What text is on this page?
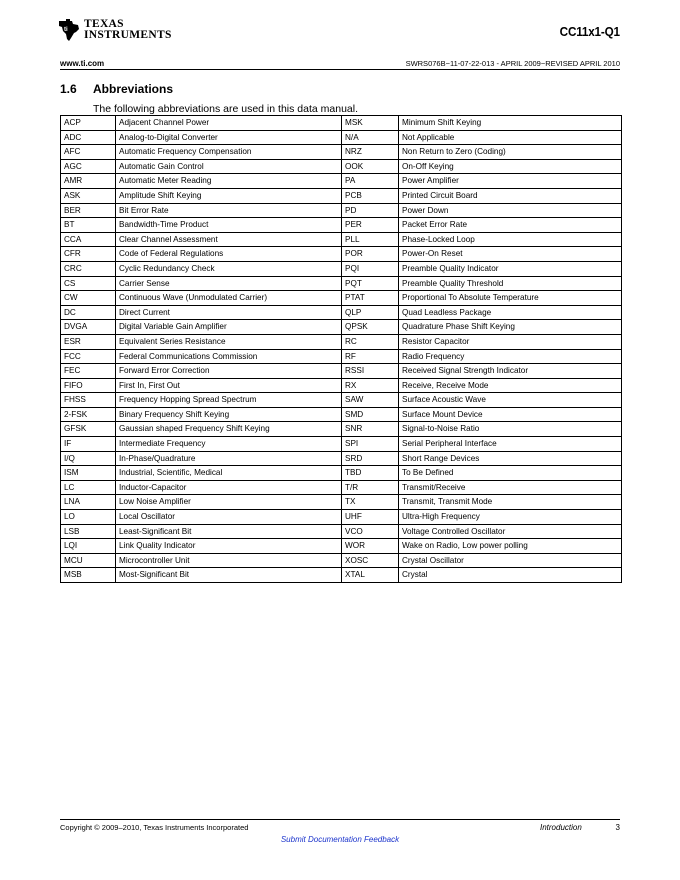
ti TEXAS
INSTRUMENTS	CC11x1-Q1
www.ti.com	SWRS076B−11-07-22-013 - APRIL 2009−REVISED APRIL 2010
1.6 Abbreviations
The following abbreviations are used in this data manual.
ACP	Adjacent Channel Power	MSK	Minimum Shift Keying
ADC	Analog-to-Digital Converter	N/A	Not Applicable
AFC	Automatic Frequency Compensation	NRZ	Non Return to Zero (Coding)
AGC	Automatic Gain Control	OOK	On-Off Keying
AMR	Automatic Meter Reading	PA	Power Amplifier
ASK	Amplitude Shift Keying	PCB	Printed Circuit Board
BER	Bit Error Rate	PD	Power Down
BT	Bandwidth-Time Product	PER	Packet Error Rate
CCA	Clear Channel Assessment	PLL	Phase-Locked Loop
CFR	Code of Federal Regulations	POR	Power-On Reset
CRC	Cyclic Redundancy Check	PQI	Preamble Quality Indicator
CS	Carrier Sense	PQT	Preamble Quality Threshold
CW	Continuous Wave (Unmodulated Carrier)	PTAT	Proportional To Absolute Temperature
DC	Direct Current	QLP	Quad Leadless Package
DVGA	Digital Variable Gain Amplifier	QPSK	Quadrature Phase Shift Keying
ESR	Equivalent Series Resistance	RC	Resistor Capacitor
FCC	Federal Communications Commission	RF	Radio Frequency
FEC	Forward Error Correction	RSSI	Received Signal Strength Indicator
FIFO	First In, First Out	RX	Receive, Receive Mode
FHSS	Frequency Hopping Spread Spectrum	SAW	Surface Acoustic Wave
2-FSK	Binary Frequency Shift Keying	SMD	Surface Mount Device
GFSK	Gaussian shaped Frequency Shift Keying	SNR	Signal-to-Noise Ratio
IF	Intermediate Frequency	SPI	Serial Peripheral Interface
I/Q	In-Phase/Quadrature	SRD	Short Range Devices
ISM	Industrial, Scientific, Medical	TBD	To Be Defined
LC	Inductor-Capacitor	T/R	Transmit/Receive
LNA	Low Noise Amplifier	TX	Transmit, Transmit Mode
LO	Local Oscillator	UHF	Ultra-High Frequency
LSB	Least-Significant Bit	VCO	Voltage Controlled Oscillator
LQI	Link Quality Indicator	WOR	Wake on Radio, Low power polling
MCU	Microcontroller Unit	XOSC	Crystal Oscillator
MSB	Most-Significant Bit	XTAL	Crystal
Copyright © 2009–2010, Texas Instruments Incorporated	Introduction	3
Submit Documentation Feedback
